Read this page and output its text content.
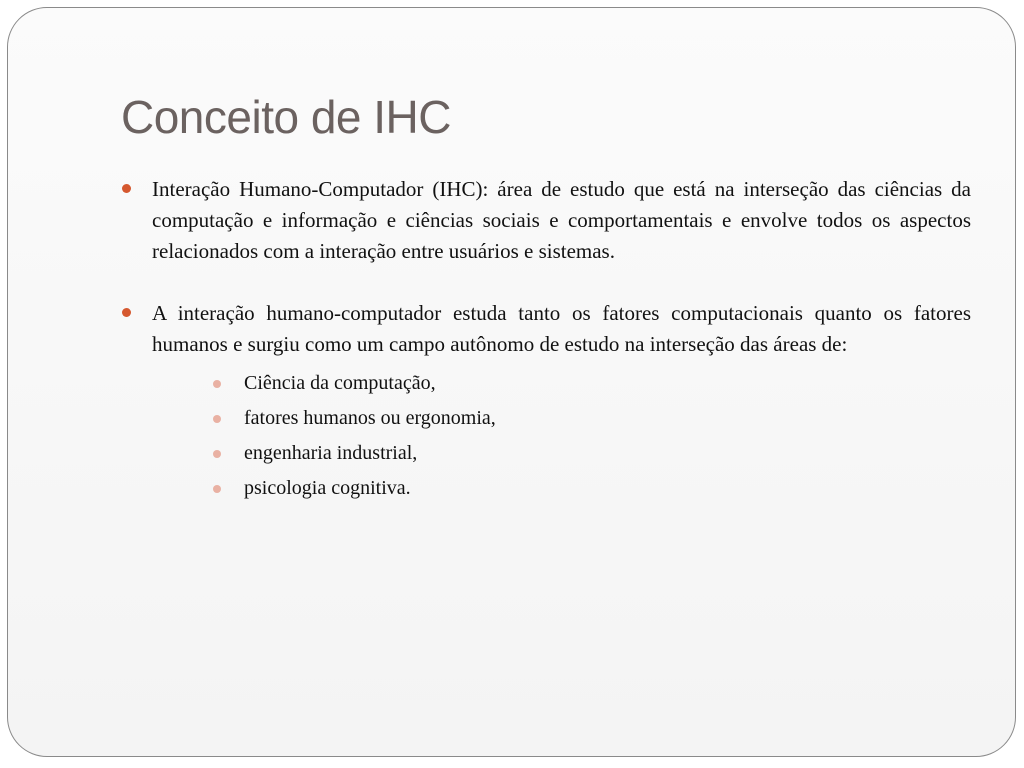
Conceito de IHC
Interação Humano-Computador (IHC): área de estudo que está na interseção das ciências da computação e informação e ciências sociais e comportamentais e envolve todos os aspectos relacionados com a interação entre usuários e sistemas.
A interação humano-computador estuda tanto os fatores computacionais quanto os fatores humanos e surgiu como um campo autônomo de estudo na interseção das áreas de:
Ciência da computação,
fatores humanos ou ergonomia,
engenharia industrial,
psicologia cognitiva.
